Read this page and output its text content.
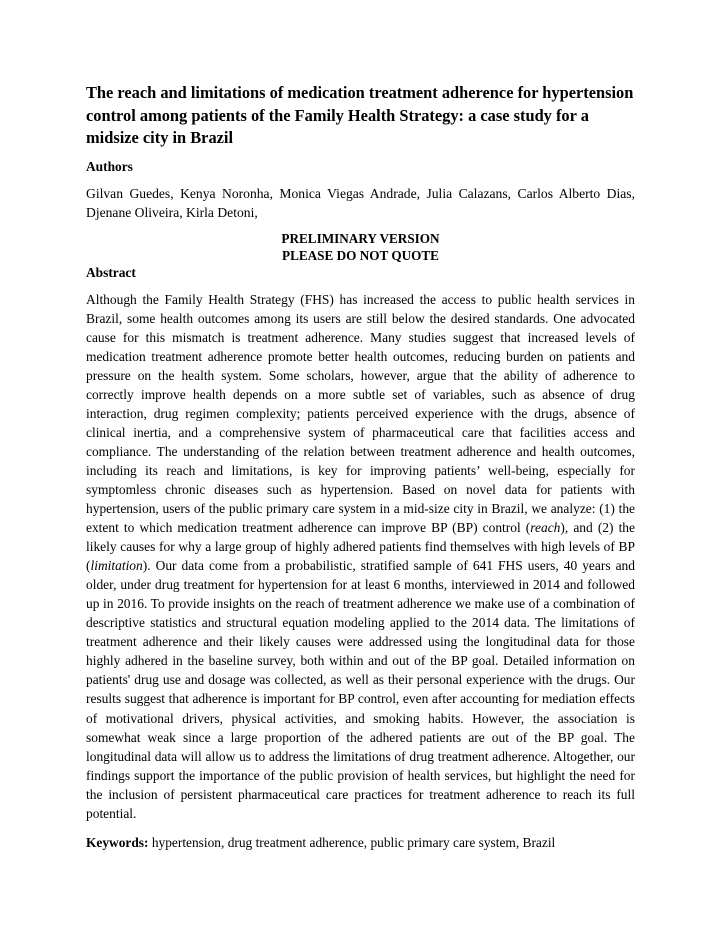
The reach and limitations of medication treatment adherence for hypertension control among patients of the Family Health Strategy: a case study for a midsize city in Brazil
Authors

Gilvan Guedes, Kenya Noronha, Monica Viegas Andrade, Julia Calazans, Carlos Alberto Dias, Djenane Oliveira, Kirla Detoni,

PRELIMINARY VERSION
PLEASE DO NOT QUOTE
Abstract

Although the Family Health Strategy (FHS) has increased the access to public health services in Brazil, some health outcomes among its users are still below the desired standards. One advocated cause for this mismatch is treatment adherence. Many studies suggest that increased levels of medication treatment adherence promote better health outcomes, reducing burden on patients and pressure on the health system. Some scholars, however, argue that the ability of adherence to correctly improve health depends on a more subtle set of variables, such as absence of drug interaction, drug regimen complexity; patients perceived experience with the drugs, absence of clinical inertia, and a comprehensive system of pharmaceutical care that facilities access and compliance. The understanding of the relation between treatment adherence and health outcomes, including its reach and limitations, is key for improving patients’ well-being, especially for symptomless chronic diseases such as hypertension. Based on novel data for patients with hypertension, users of the public primary care system in a mid-size city in Brazil, we analyze: (1) the extent to which medication treatment adherence can improve BP (BP) control (reach), and (2) the likely causes for why a large group of highly adhered patients find themselves with high levels of BP (limitation). Our data come from a probabilistic, stratified sample of 641 FHS users, 40 years and older, under drug treatment for hypertension for at least 6 months, interviewed in 2014 and followed up in 2016. To provide insights on the reach of treatment adherence we make use of a combination of descriptive statistics and structural equation modeling applied to the 2014 data. The limitations of treatment adherence and their likely causes were addressed using the longitudinal data for those highly adhered in the baseline survey, both within and out of the BP goal. Detailed information on patients' drug use and dosage was collected, as well as their personal experience with the drugs. Our results suggest that adherence is important for BP control, even after accounting for mediation effects of motivational drivers, physical activities, and smoking habits. However, the association is somewhat weak since a large proportion of the adhered patients are out of the BP goal. The longitudinal data will allow us to address the limitations of drug treatment adherence. Altogether, our findings support the importance of the public provision of health services, but highlight the need for the inclusion of persistent pharmaceutical care practices for treatment adherence to reach its full potential.

Keywords: hypertension, drug treatment adherence, public primary care system, Brazil
